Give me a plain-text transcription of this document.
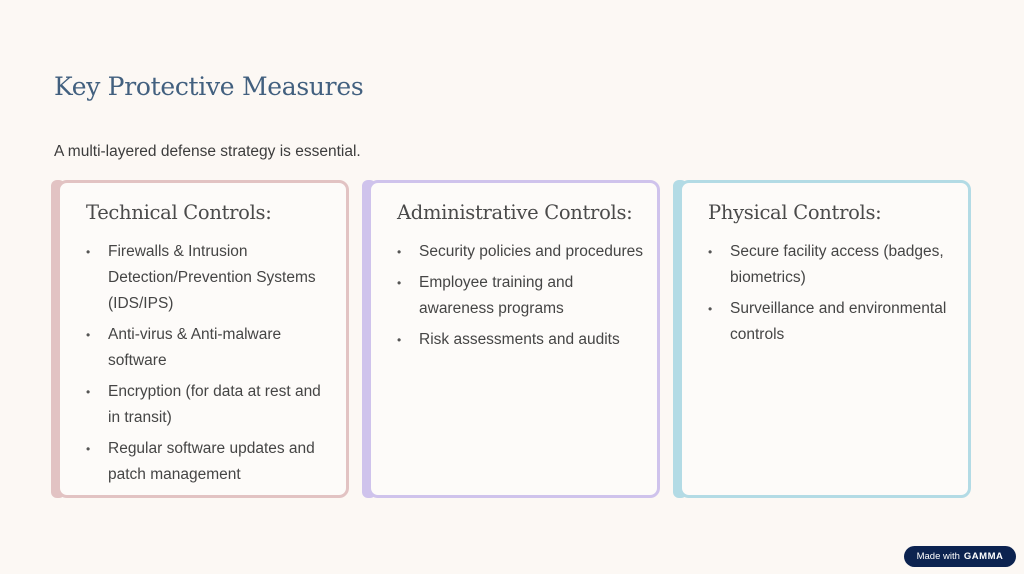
Key Protective Measures

A multi-layered defense strategy is essential.

Technical Controls:
• Firewalls & Intrusion Detection/Prevention Systems (IDS/IPS)
• Anti-virus & Anti-malware software
• Encryption (for data at rest and in transit)
• Regular software updates and patch management
Administrative Controls:
• Security policies and procedures
• Employee training and awareness programs
• Risk assessments and audits
Physical Controls:
• Secure facility access (badges, biometrics)
• Surveillance and environmental controls
Made with GAMMA
